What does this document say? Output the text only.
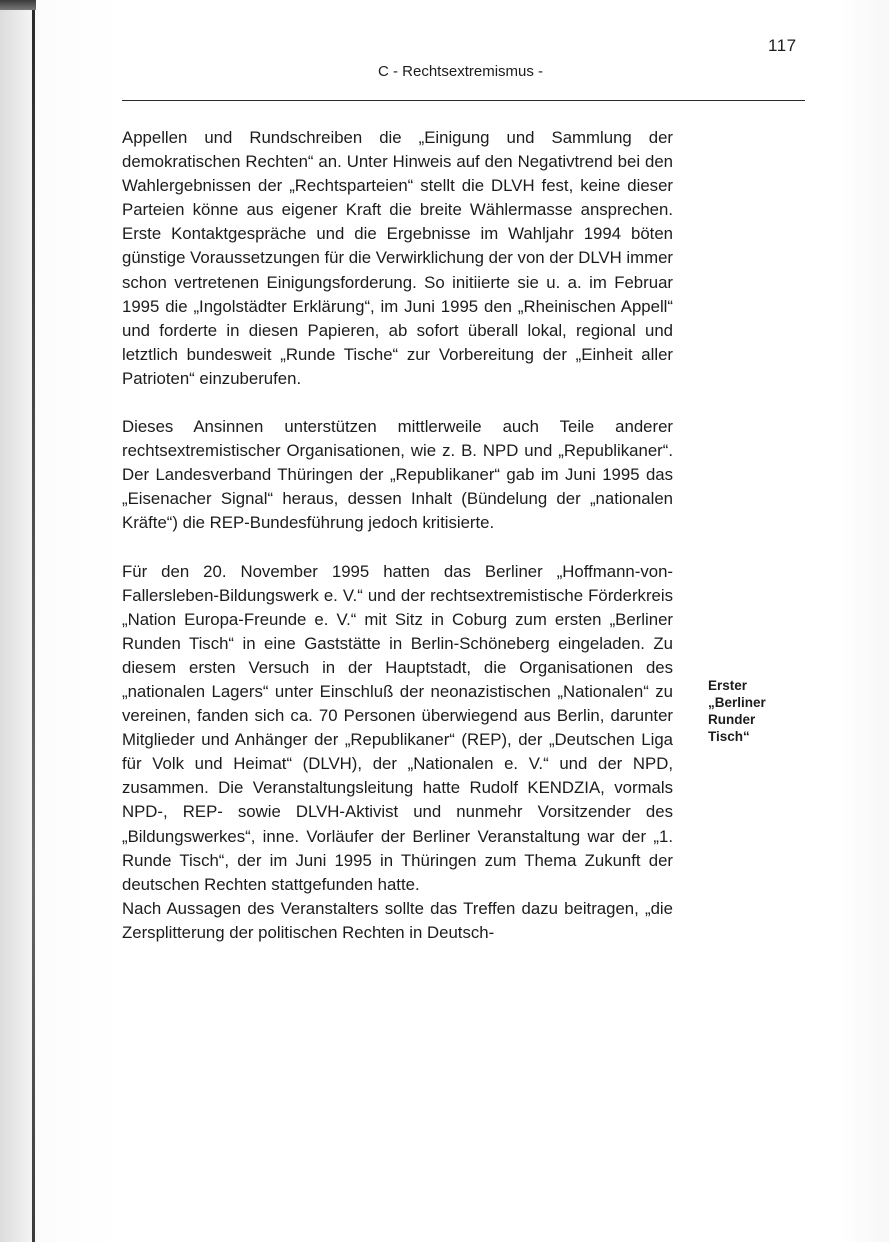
117
C - Rechtsextremismus -

Appellen und Rundschreiben die „Einigung und Sammlung der demokratischen Rechten“ an. Unter Hinweis auf den Negativtrend bei den Wahlergebnissen der „Rechtsparteien“ stellt die DLVH fest, keine dieser Parteien könne aus eigener Kraft die breite Wählermasse ansprechen. Erste Kontaktgespräche und die Ergebnisse im Wahljahr 1994 böten günstige Voraussetzungen für die Verwirklichung der von der DLVH immer schon vertretenen Einigungsforderung. So initiierte sie u. a. im Februar 1995 die „Ingolstädter Erklärung“, im Juni 1995 den „Rheinischen Appell“ und forderte in diesen Papieren, ab sofort überall lokal, regional und letztlich bundesweit „Runde Tische“ zur Vorbereitung der „Einheit aller Patrioten“ einzuberufen.

Dieses Ansinnen unterstützen mittlerweile auch Teile anderer rechtsextremistischer Organisationen, wie z. B. NPD und „Republikaner“. Der Landesverband Thüringen der „Republikaner“ gab im Juni 1995 das „Eisenacher Signal“ heraus, dessen Inhalt (Bündelung der „nationalen Kräfte“) die REP-Bundesführung jedoch kritisierte.

Für den 20. November 1995 hatten das Berliner „Hoffmann-von-Fallersleben-Bildungswerk e. V.“ und der rechtsextremistische Förderkreis „Nation Europa-Freunde e. V.“ mit Sitz in Coburg zum ersten „Berliner Runden Tisch“ in eine Gaststätte in Berlin-Schöneberg eingeladen. Zu diesem ersten Versuch in der Hauptstadt, die Organisationen des „nationalen Lagers“ unter Einschluß der neonazistischen „Nationalen“ zu vereinen, fanden sich ca. 70 Personen überwiegend aus Berlin, darunter Mitglieder und Anhänger der „Republikaner“ (REP), der „Deutschen Liga für Volk und Heimat“ (DLVH), der „Nationalen e. V.“ und der NPD, zusammen. Die Veranstaltungsleitung hatte Rudolf KENDZIA, vormals NPD-, REP- sowie DLVH-Aktivist und nunmehr Vorsitzender des „Bildungswerkes“, inne. Vorläufer der Berliner Veranstaltung war der „1. Runde Tisch“, der im Juni 1995 in Thüringen zum Thema Zukunft der deutschen Rechten stattgefunden hatte.

Nach Aussagen des Veranstalters sollte das Treffen dazu beitragen, „die Zersplitterung der politischen Rechten in Deutsch-

Erster
„Berliner
Runder
Tisch“
